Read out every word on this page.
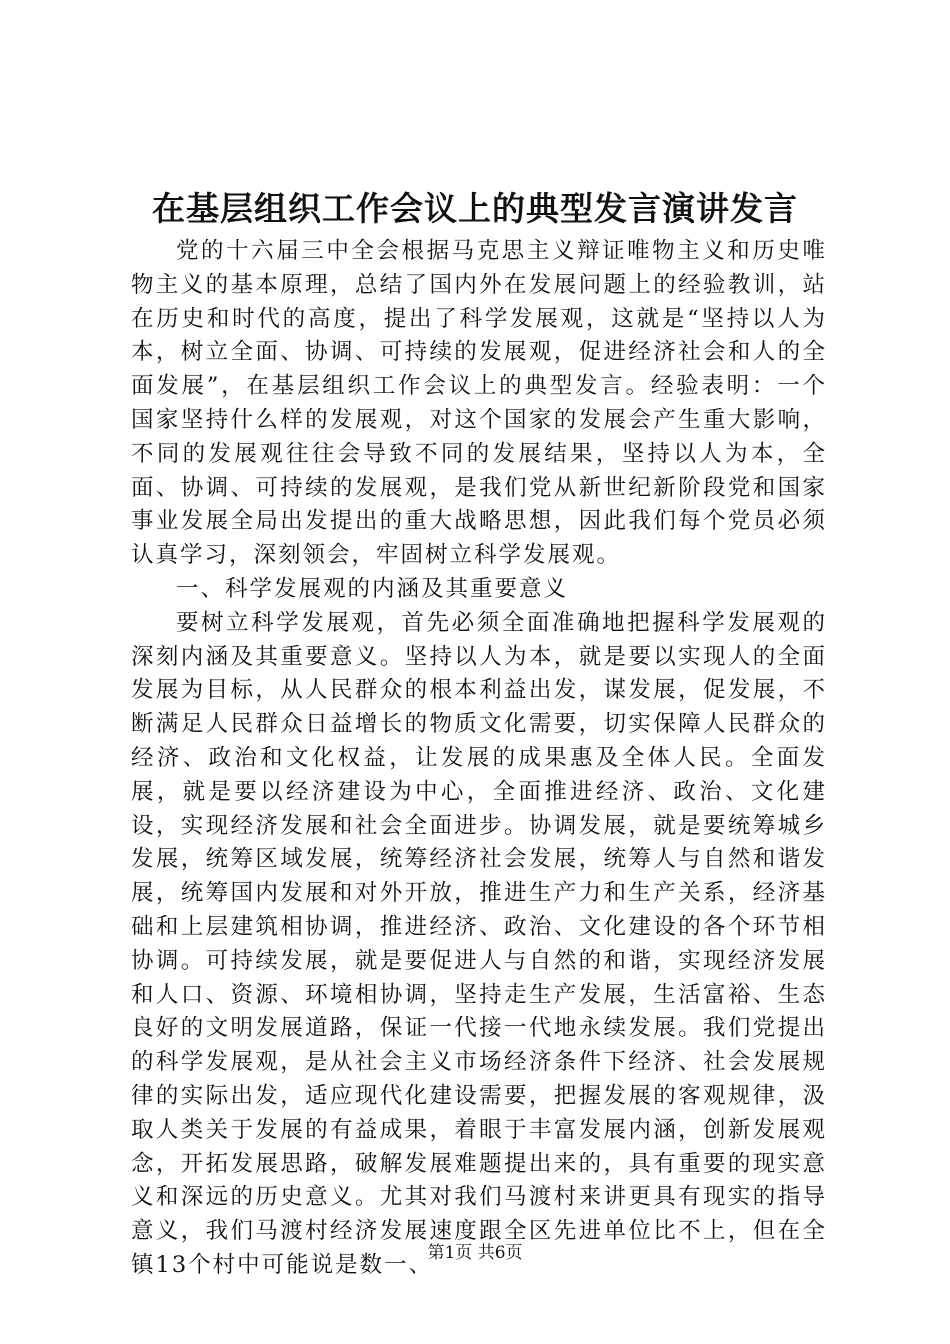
在基层组织工作会议上的典型发言演讲发言

党的十六届三中全会根据马克思主义辩证唯物主义和历史唯物主义的基本原理，总结了国内外在发展问题上的经验教训，站在历史和时代的高度，提出了科学发展观，这就是“坚持以人为本，树立全面、协调、可持续的发展观，促进经济社会和人的全面发展”，在基层组织工作会议上的典型发言。经验表明：一个国家坚持什么样的发展观，对这个国家的发展会产生重大影响，不同的发展观往往会导致不同的发展结果，坚持以人为本，全面、协调、可持续的发展观，是我们党从新世纪新阶段党和国家事业发展全局出发提出的重大战略思想，因此我们每个党员必须认真学习，深刻领会，牢固树立科学发展观。

一、科学发展观的内涵及其重要意义

要树立科学发展观，首先必须全面准确地把握科学发展观的深刻内涵及其重要意义。坚持以人为本，就是要以实现人的全面发展为目标，从人民群众的根本利益出发，谋发展，促发展，不断满足人民群众日益增长的物质文化需要，切实保障人民群众的经济、政治和文化权益，让发展的成果惠及全体人民。全面发展，就是要以经济建设为中心，全面推进经济、政治、文化建设，实现经济发展和社会全面进步。协调发展，就是要统筹城乡发展，统筹区域发展，统筹经济社会发展，统筹人与自然和谐发展，统筹国内发展和对外开放，推进生产力和生产关系，经济基础和上层建筑相协调，推进经济、政治、文化建设的各个环节相协调。可持续发展，就是要促进人与自然的和谐，实现经济发展和人口、资源、环境相协调，坚持走生产发展，生活富裕、生态良好的文明发展道路，保证一代接一代地永续发展。我们党提出的科学发展观，是从社会主义市场经济条件下经济、社会发展规律的实际出发，适应现代化建设需要，把握发展的客观规律，汲取人类关于发展的有益成果，着眼于丰富发展内涵，创新发展观念，开拓发展思路，破解发展难题提出来的，具有重要的现实意义和深远的历史意义。尤其对我们马渡村来讲更具有现实的指导意义，我们马渡村经济发展速度跟全区先进单位比不上，但在全镇13个村中可能说是数一、

第1页 共6页
